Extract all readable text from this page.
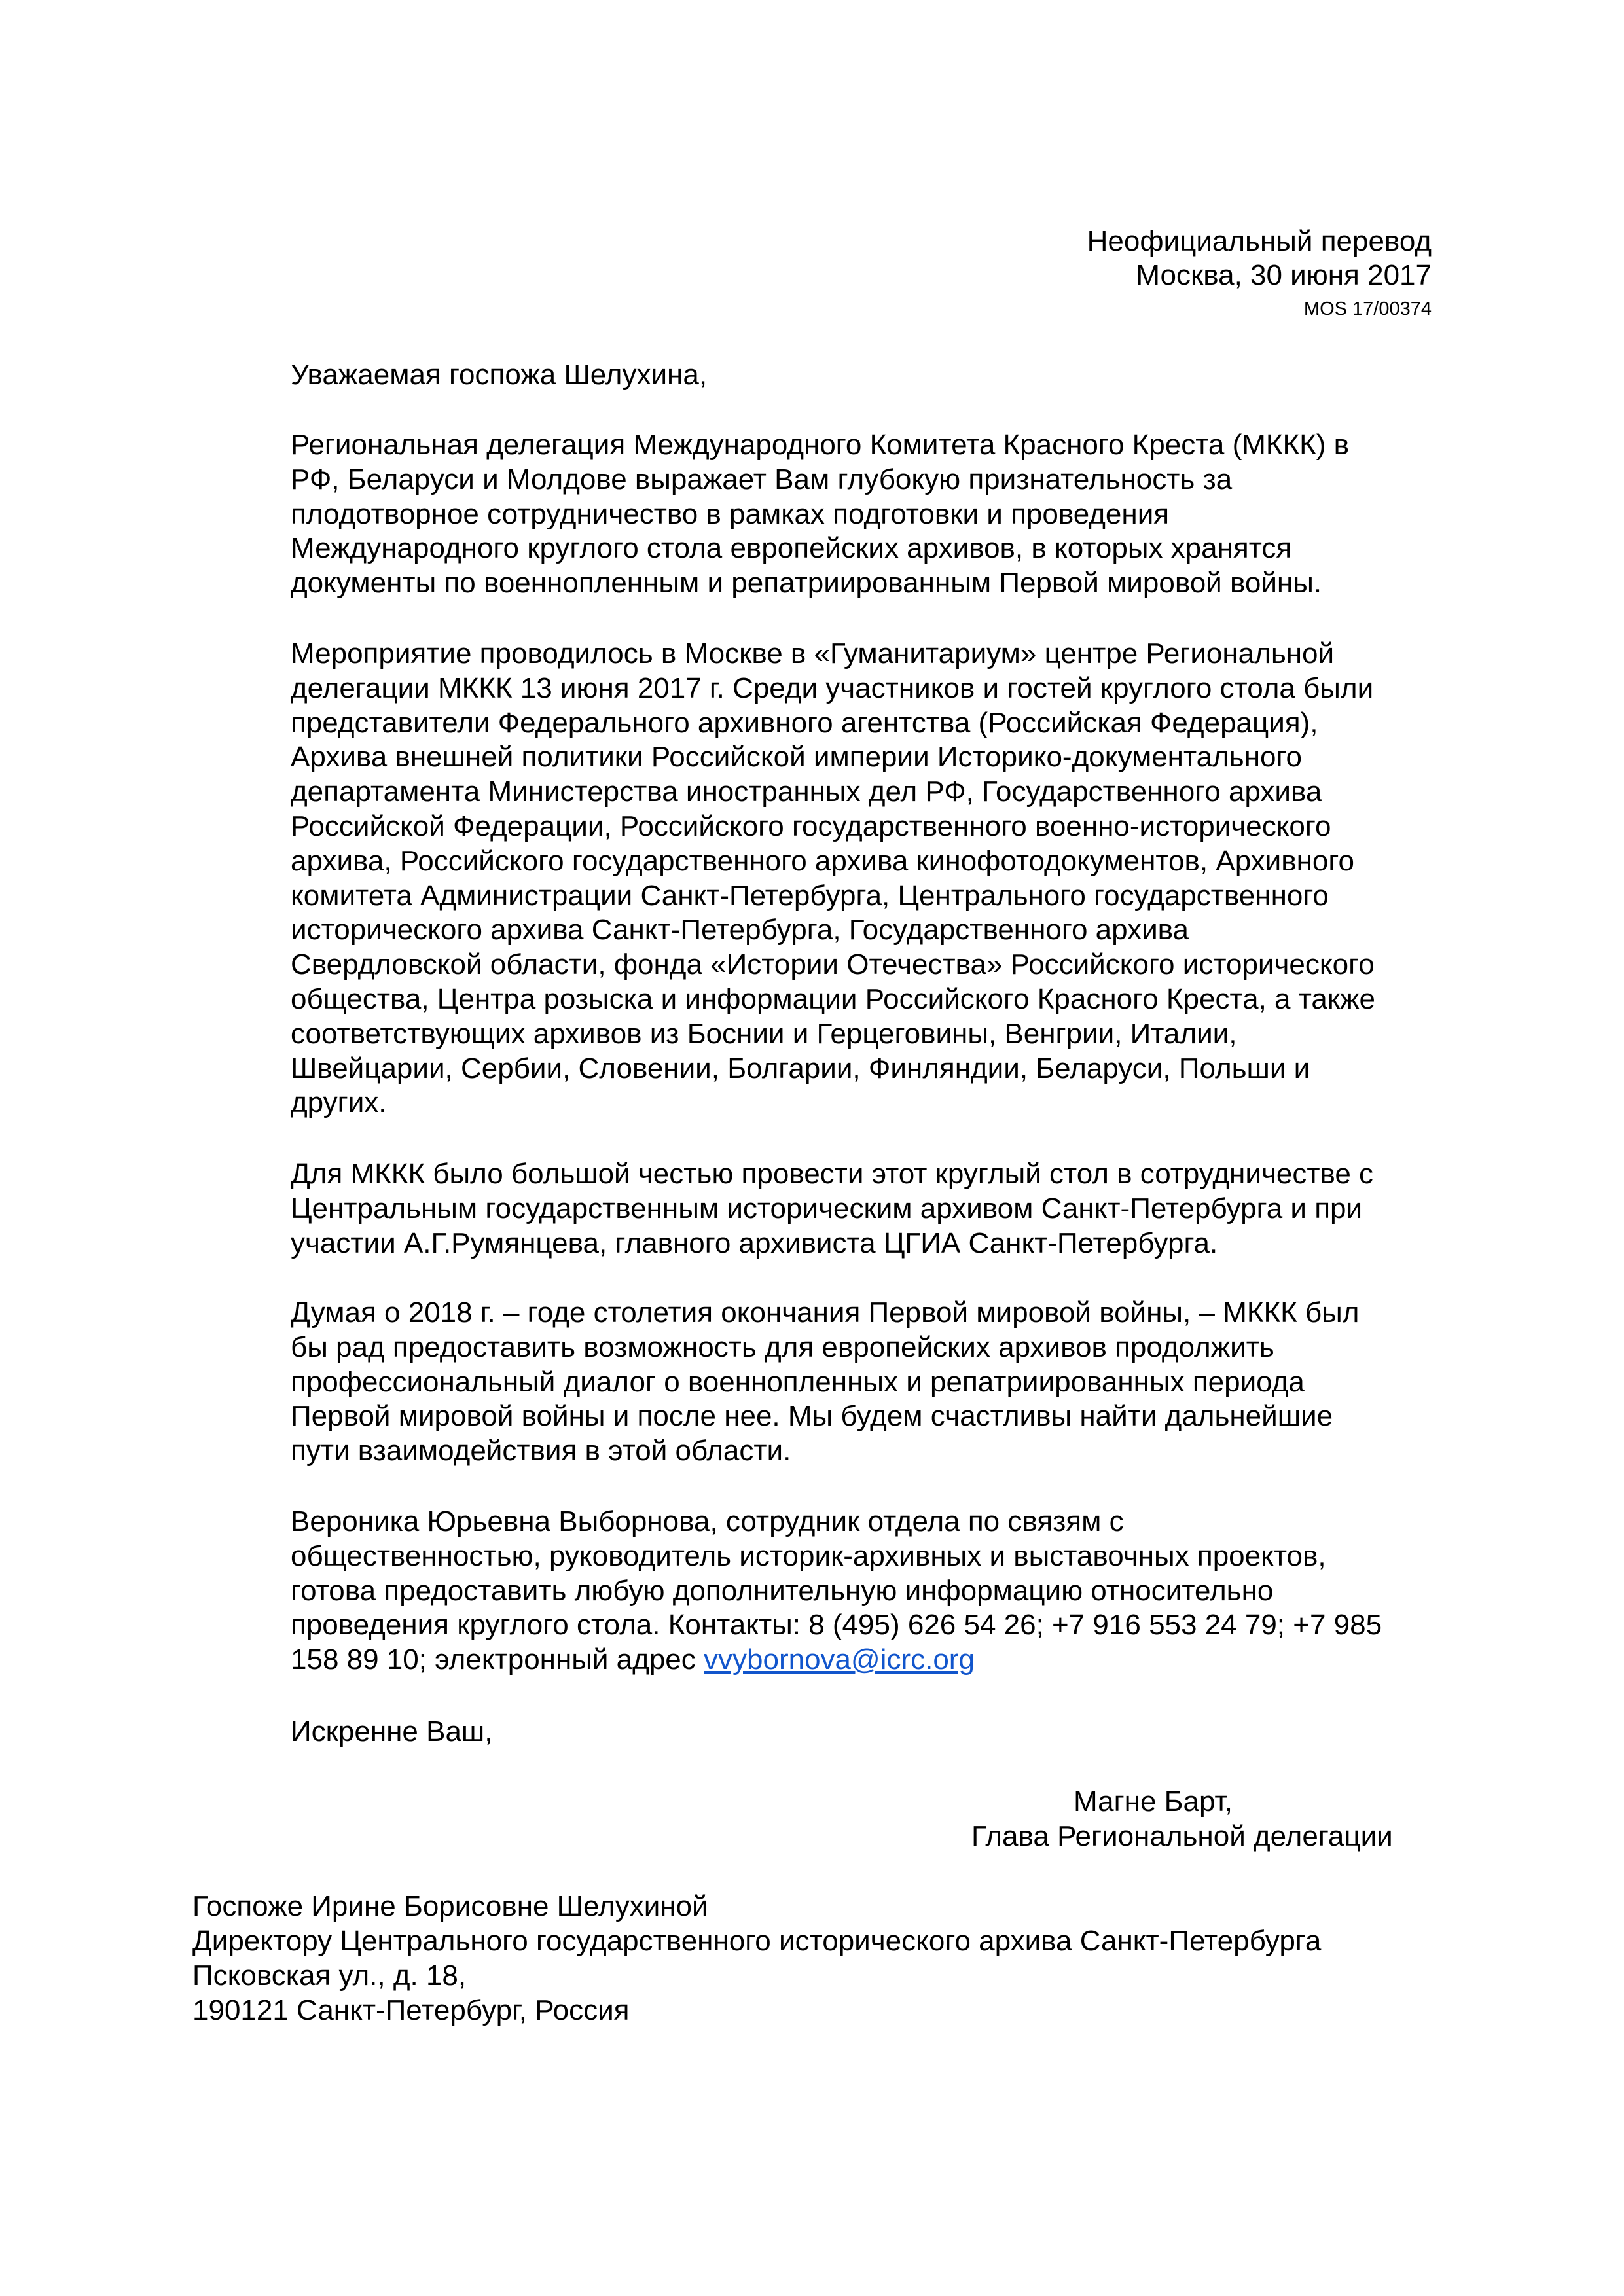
Неофициальный перевод
Москва, 30 июня 2017
MOS 17/00374
Уважаемая госпожа Шелухина,
Региональная делегация Международного Комитета Красного Креста (МККК) в
РФ, Беларуси и Молдове выражает Вам глубокую признательность за
плодотворное сотрудничество в рамках подготовки и проведения
Международного круглого стола европейских архивов, в которых хранятся
документы по военнопленным и репатриированным Первой мировой войны.
Мероприятие проводилось в Москве в «Гуманитариум» центре Региональной
делегации МККК 13 июня 2017 г. Среди участников и гостей круглого стола были
представители Федерального архивного агентства (Российская Федерация),
Архива внешней политики Российской империи Историко-документального
департамента Министерства иностранных дел РФ, Государственного архива
Российской Федерации, Российского государственного военно-исторического
архива, Российского государственного архива кинофотодокументов, Архивного
комитета Администрации Санкт-Петербурга, Центрального государственного
исторического архива Санкт-Петербурга, Государственного архива
Свердловской области, фонда «Истории Отечества» Российского исторического
общества, Центра розыска и информации Российского Красного Креста, а также
соответствующих архивов из Боснии и Герцеговины, Венгрии, Италии,
Швейцарии, Сербии, Словении, Болгарии, Финляндии, Беларуси, Польши и
других.
Для МККК было большой честью провести этот круглый стол в сотрудничестве с
Центральным государственным историческим архивом Санкт-Петербурга и при
участии А.Г.Румянцева, главного архивиста ЦГИА Санкт-Петербурга.
Думая о 2018 г. – годе столетия окончания Первой мировой войны, – МККК был
бы рад предоставить возможность для европейских архивов продолжить
профессиональный диалог о военнопленных и репатриированных периода
Первой мировой войны и после нее. Мы будем счастливы найти дальнейшие
пути взаимодействия в этой области.
Вероника Юрьевна Выборнова, сотрудник отдела по связям с
общественностью, руководитель историк-архивных и выставочных проектов,
готова предоставить любую дополнительную информацию относительно
проведения круглого стола. Контакты: 8 (495) 626 54 26; +7 916 553 24 79; +7 985
158 89 10; электронный адрес vvybornova@icrc.org
Искренне Ваш,
Магне Барт,
Глава Региональной делегации
Госпоже Ирине Борисовне Шелухиной
Директору Центрального государственного исторического архива Санкт-Петербурга
Псковская ул., д. 18,
190121 Санкт-Петербург, Россия
